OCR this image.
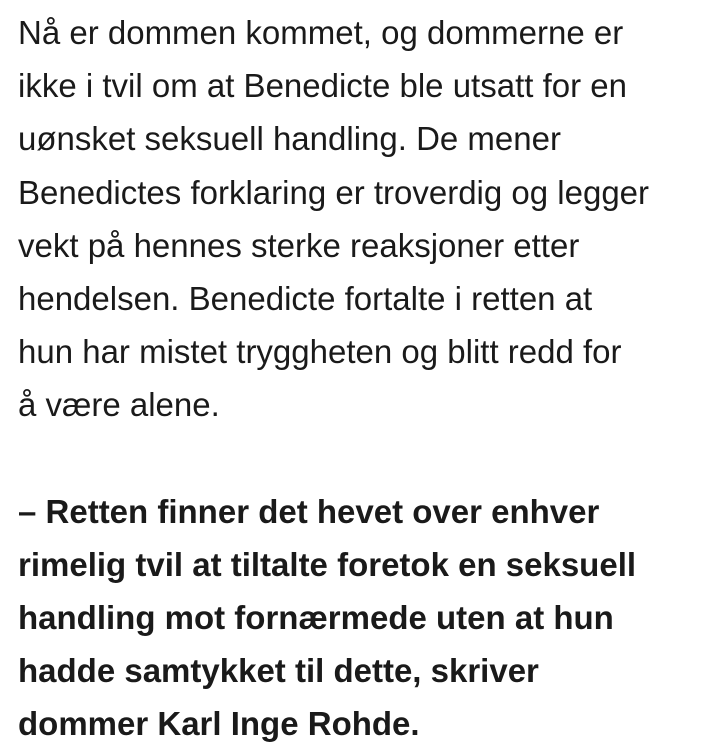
Nå er dommen kommet, og dommerne er
ikke i tvil om at Benedicte ble utsatt for en
uønsket seksuell handling. De mener
Benedictes forklaring er troverdig og legger
vekt på hennes sterke reaksjoner etter
hendelsen. Benedicte fortalte i retten at
hun har mistet tryggheten og blitt redd for
å være alene.

– Retten finner det hevet over enhver
rimelig tvil at tiltalte foretok en seksuell
handling mot fornærmede uten at hun
hadde samtykket til dette, skriver
dommer Karl Inge Rohde.
